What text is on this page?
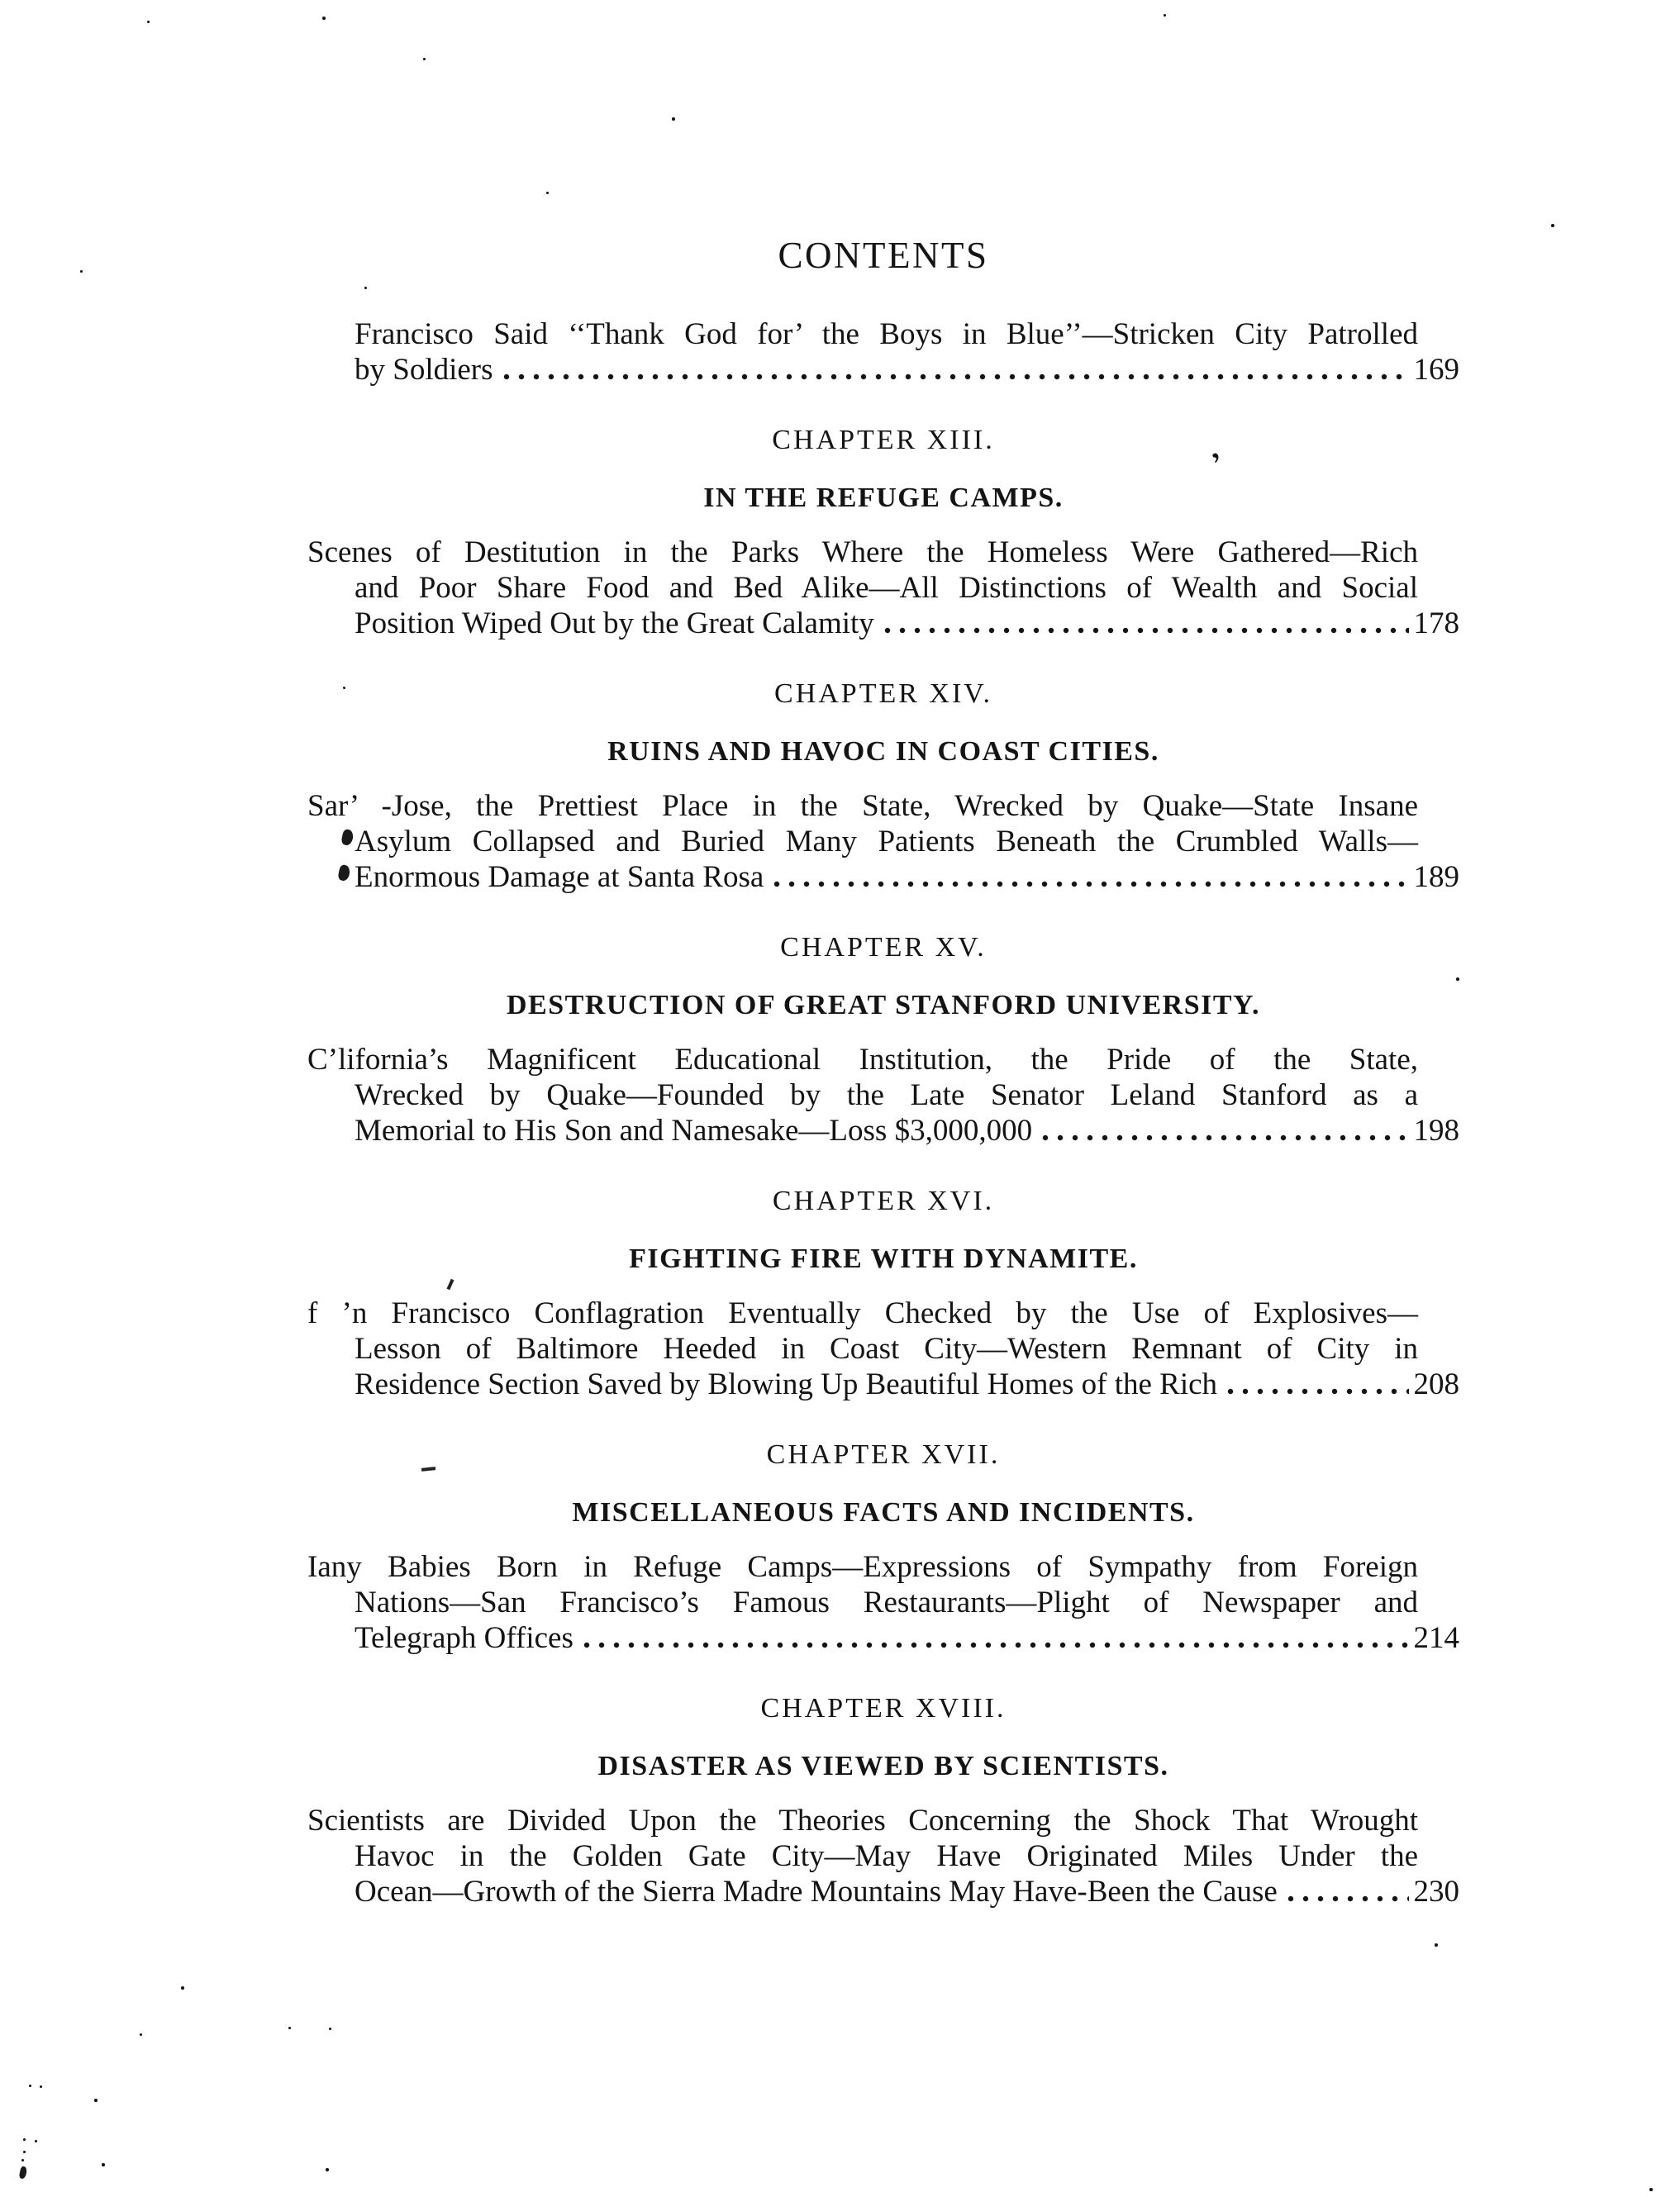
CONTENTS

Francisco Said ‘‘Thank God for’ the Boys in Blue’’—Stricken City Patrolled

by Soldiers	169
CHAPTER XIII.
IN THE REFUGE CAMPS.

Scenes of Destitution in the Parks Where the Homeless Were Gathered—Rich

and Poor Share Food and Bed Alike—All Distinctions of Wealth and Social

Position Wiped Out by the Great Calamity	178
CHAPTER XIV.
RUINS AND HAVOC IN COAST CITIES.

Sar’ -Jose, the Prettiest Place in the State, Wrecked by Quake—State Insane

Asylum Collapsed and Buried Many Patients Beneath the Crumbled Walls—

Enormous Damage at Santa Rosa	189
CHAPTER XV.
DESTRUCTION OF GREAT STANFORD UNIVERSITY.

C’lifornia’s Magnificent Educational Institution, the Pride of the State,

Wrecked by Quake—Founded by the Late Senator Leland Stanford as a

Memorial to His Son and Namesake—Loss $3,000,000	198
CHAPTER XVI.
FIGHTING FIRE WITH DYNAMITE.

f ’n Francisco Conflagration Eventually Checked by the Use of Explosives—

Lesson of Baltimore Heeded in Coast City—Western Remnant of City in

Residence Section Saved by Blowing Up Beautiful Homes of the Rich	208
CHAPTER XVII.
MISCELLANEOUS FACTS AND INCIDENTS.

Iany Babies Born in Refuge Camps—Expressions of Sympathy from Foreign

Nations—San Francisco’s Famous Restaurants—Plight of Newspaper and

Telegraph Offices	214
CHAPTER XVIII.
DISASTER AS VIEWED BY SCIENTISTS.

Scientists are Divided Upon the Theories Concerning the Shock That Wrought

Havoc in the Golden Gate City—May Have Originated Miles Under the

Ocean—Growth of the Sierra Madre Mountains May Have-Been the Cause	230
‚
